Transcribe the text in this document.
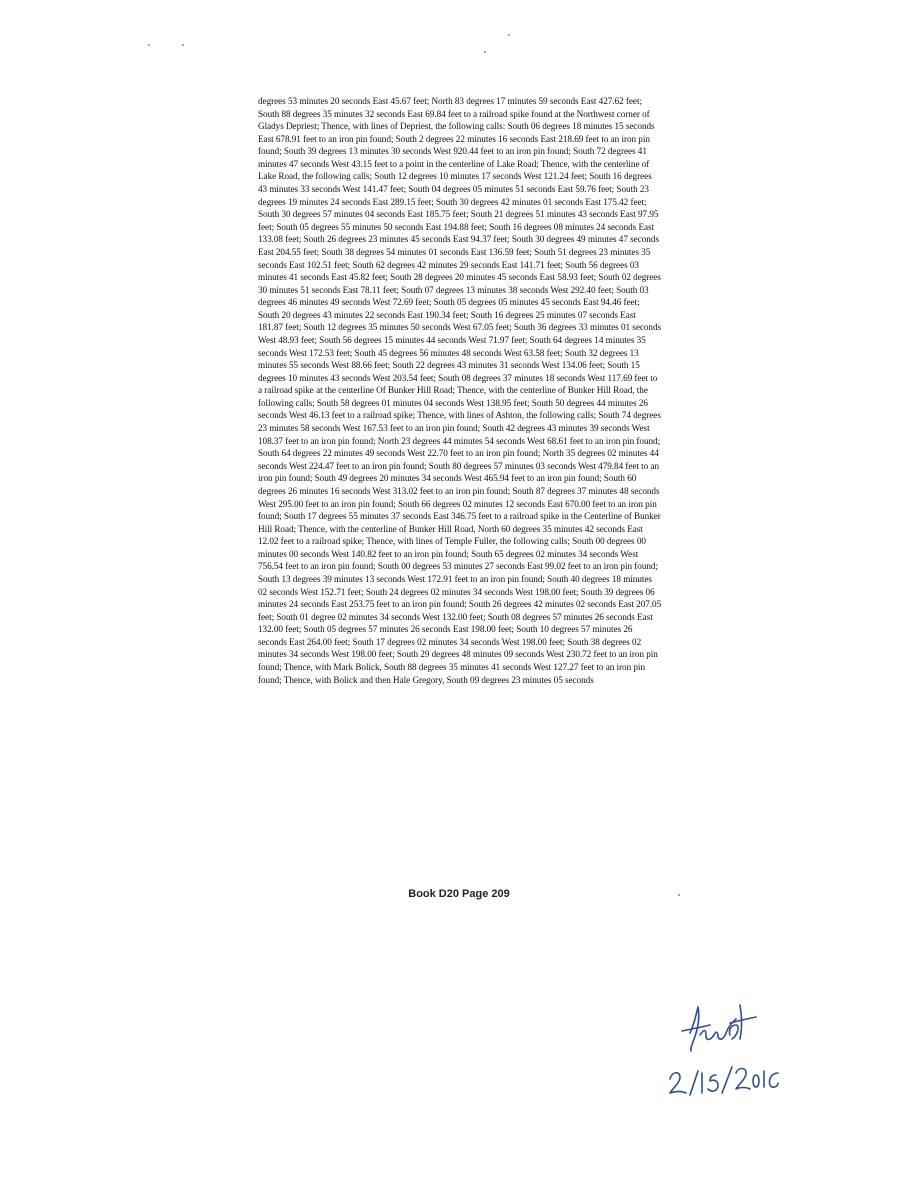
degrees 53 minutes 20 seconds East 45.67 feet; North 83 degrees 17 minutes 59 seconds East 427.62 feet; South 88 degrees 35 minutes 32 seconds East 69.84 feet to a railroad spike found at the Northwest corner of Gladys Depriest; Thence, with lines of Depriest, the following calls: South 06 degrees 18 minutes 15 seconds East 678.91 feet to an iron pin found; South 2 degrees 22 minutes 16 seconds East 218.69 feet to an iron pin found; South 39 degrees 13 minutes 30 seconds West 920.44 feet to an iron pin found; South 72 degrees 41 minutes 47 seconds West 43.15 feet to a point in the centerline of Lake Road; Thence, with the centerline of Lake Road, the following calls; South 12 degrees 10 minutes 17 seconds West 121.24 feet; South 16 degrees 43 minutes 33 seconds West 141.47 feet; South 04 degrees 05 minutes 51 seconds East 59.76 feet; South 23 degrees 19 minutes 24 seconds East 289.15 feet; South 30 degrees 42 minutes 01 seconds East 175.42 feet; South 30 degrees 57 minutes 04 seconds East 185.75 feet; South 21 degrees 51 minutes 43 seconds East 97.95 feet; South 05 degrees 55 minutes 50 seconds East 194.88 feet; South 16 degrees 08 minutes 24 seconds East 133.08 feet; South 26 degrees 23 minutes 45 seconds East 94.37 feet; South 30 degrees 49 minutes 47 seconds East 204.55 feet; South 38 degrees 54 minutes 01 seconds East 136.59 feet; South 51 degrees 23 minutes 35 seconds East 102.51 feet; South 62 degrees 42 minutes 29 seconds East 141.71 feet; South 56 degrees 03 minutes 41 seconds East 45.82 feet; South 28 degrees 20 minutes 45 seconds East 58.93 feet; South 02 degrees 30 minutes 51 seconds East 78.11 feet; South 07 degrees 13 minutes 38 seconds West 292.40 feet; South 03 degrees 46 minutes 49 seconds West 72.69 feet; South 05 degrees 05 minutes 45 seconds East 94.46 feet; South 20 degrees 43 minutes 22 seconds East 190.34 feet; South 16 degrees 25 minutes 07 seconds East 181.87 feet; South 12 degrees 35 minutes 50 seconds West 67.05 feet; South 36 degrees 33 minutes 01 seconds West 48.93 feet; South 56 degrees 15 minutes 44 seconds West 71.97 feet; South 64 degrees 14 minutes 35 seconds West 172.53 feet; South 45 degrees 56 minutes 48 seconds West 63.58 feet; South 32 degrees 13 minutes 55 seconds West 88.66 feet; South 22 degrees 43 minutes 31 seconds West 134.06 feet; South 15 degrees 10 minutes 43 seconds West 203.54 feet; South 08 degrees 37 minutes 18 seconds West 117.69 feet to a railroad spike at the centerline Of Bunker Hill Road; Thence, with the centerline of Bunker Hill Road, the following calls; South 58 degrees 01 minutes 04 seconds West 138.95 feet; South 50 degrees 44 minutes 26 seconds West 46.13 feet to a railroad spike; Thence, with lines of Ashton, the following calls; South 74 degrees 23 minutes 58 seconds West 167.53 feet to an iron pin found; South 42 degrees 43 minutes 39 seconds West 108.37 feet to an iron pin found; North 23 degrees 44 minutes 54 seconds West 68.61 feet to an iron pin found; South 64 degrees 22 minutes 49 seconds West 22.70 feet to an iron pin found; North 35 degrees 02 minutes 44 seconds West 224.47 feet to an iron pin found; South 80 degrees 57 minutes 03 seconds West 479.84 feet to an iron pin found; South 49 degrees 20 minutes 34 seconds West 465.94 feet to an iron pin found; South 60 degrees 26 minutes 16 seconds West 313.02 feet to an iron pin found; South 87 degrees 37 minutes 48 seconds West 295.00 feet to an iron pin found; South 66 degrees 02 minutes 12 seconds East 670.00 feet to an iron pin found; South 17 degrees 55 minutes 37 seconds East 346.75 feet to a railroad spike in the Centerline of Bunker Hill Road; Thence, with the centerline of Bunker Hill Road, North 60 degrees 35 minutes 42 seconds East 12.02 feet to a railroad spike; Thence, with lines of Temple Fuller, the following calls; South 00 degrees 00 minutes 00 seconds West 140.82 feet to an iron pin found; South 65 degrees 02 minutes 34 seconds West 756.54 feet to an iron pin found; South 00 degrees 53 minutes 27 seconds East 99.02 feet to an iron pin found; South 13 degrees 39 minutes 13 seconds West 172.91 feet to an iron pin found; South 40 degrees 18 minutes 02 seconds West 152.71 feet; South 24 degrees 02 minutes 34 seconds West 198.00 feet; South 39 degrees 06 minutes 24 seconds East 253.75 feet to an iron pin found; South 26 degrees 42 minutes 02 seconds East 207.05 feet; South 01 degree 02 minutes 34 seconds West 132.00 feet; South 08 degrees 57 minutes 26 seconds East 132.00 feet; South 05 degrees 57 minutes 26 seconds East 198.00 feet; South 10 degrees 57 minutes 26 seconds East 264.00 feet; South 17 degrees 02 minutes 34 seconds West 198.00 feet; South 38 degrees 02 minutes 34 seconds West 198.00 feet; South 29 degrees 48 minutes 09 seconds West 230.72 feet to an iron pin found; Thence, with Mark Bolick, South 88 degrees 35 minutes 41 seconds West 127.27 feet to an iron pin found; Thence, with Bolick and then Hale Gregory, South 09 degrees 23 minutes 05 seconds

Book D20 Page 209
